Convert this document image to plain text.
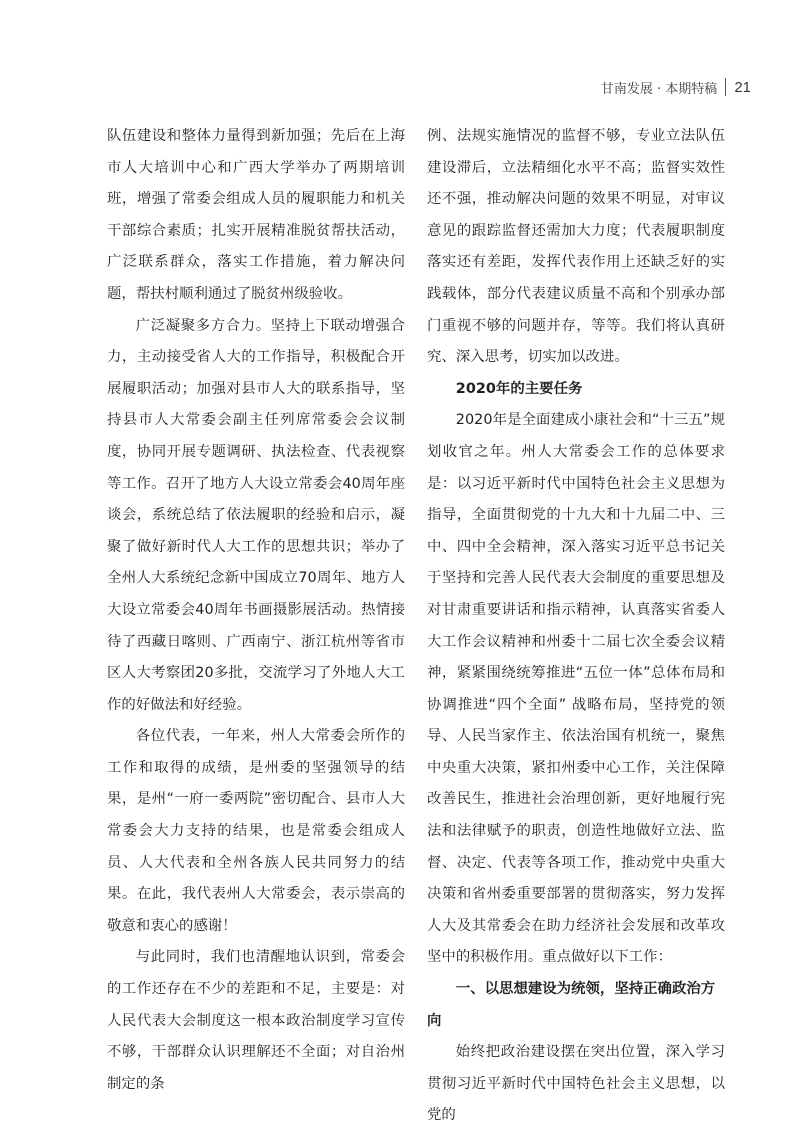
甘南发展 · 本期特稿 21

队伍建设和整体力量得到新加强；先后在上海市人大培训中心和广西大学举办了两期培训班，增强了常委会组成人员的履职能力和机关干部综合素质；扎实开展精准脱贫帮扶活动，广泛联系群众，落实工作措施，着力解决问题，帮扶村顺利通过了脱贫州级验收。

广泛凝聚多方合力。坚持上下联动增强合力，主动接受省人大的工作指导，积极配合开展履职活动；加强对县市人大的联系指导，坚持县市人大常委会副主任列席常委会会议制度，协同开展专题调研、执法检查、代表视察等工作。召开了地方人大设立常委会40周年座谈会，系统总结了依法履职的经验和启示，凝聚了做好新时代人大工作的思想共识；举办了全州人大系统纪念新中国成立70周年、地方人大设立常委会40周年书画摄影展活动。热情接待了西藏日喀则、广西南宁、浙江杭州等省市区人大考察团20多批，交流学习了外地人大工作的好做法和好经验。

各位代表，一年来，州人大常委会所作的工作和取得的成绩，是州委的坚强领导的结果，是州“一府一委两院”密切配合、县市人大常委会大力支持的结果，也是常委会组成人员、人大代表和全州各族人民共同努力的结果。在此，我代表州人大常委会，表示崇高的敬意和衷心的感谢！

与此同时，我们也清醒地认识到，常委会的工作还存在不少的差距和不足，主要是：对人民代表大会制度这一根本政治制度学习宣传不够，干部群众认识理解还不全面；对自治州制定的条

例、法规实施情况的监督不够，专业立法队伍建设滞后，立法精细化水平不高；监督实效性还不强，推动解决问题的效果不明显，对审议意见的跟踪监督还需加大力度；代表履职制度落实还有差距，发挥代表作用上还缺乏好的实践载体，部分代表建议质量不高和个别承办部门重视不够的问题并存，等等。我们将认真研究、深入思考，切实加以改进。

2020年的主要任务

2020年是全面建成小康社会和“十三五”规划收官之年。州人大常委会工作的总体要求是：以习近平新时代中国特色社会主义思想为指导，全面贯彻党的十九大和十九届二中、三中、四中全会精神，深入落实习近平总书记关于坚持和完善人民代表大会制度的重要思想及对甘肃重要讲话和指示精神，认真落实省委人大工作会议精神和州委十二届七次全委会议精神，紧紧围绕统筹推进“五位一体”总体布局和协调推进“四个全面” 战略布局，坚持党的领导、人民当家作主、依法治国有机统一，聚焦中央重大决策，紧扣州委中心工作，关注保障改善民生，推进社会治理创新，更好地履行宪法和法律赋予的职责，创造性地做好立法、监督、决定、代表等各项工作，推动党中央重大决策和省州委重要部署的贯彻落实，努力发挥人大及其常委会在助力经济社会发展和改革攻坚中的积极作用。重点做好以下工作：

一、以思想建设为统领，坚持正确政治方向

始终把政治建设摆在突出位置，深入学习贯彻习近平新时代中国特色社会主义思想，以党的
